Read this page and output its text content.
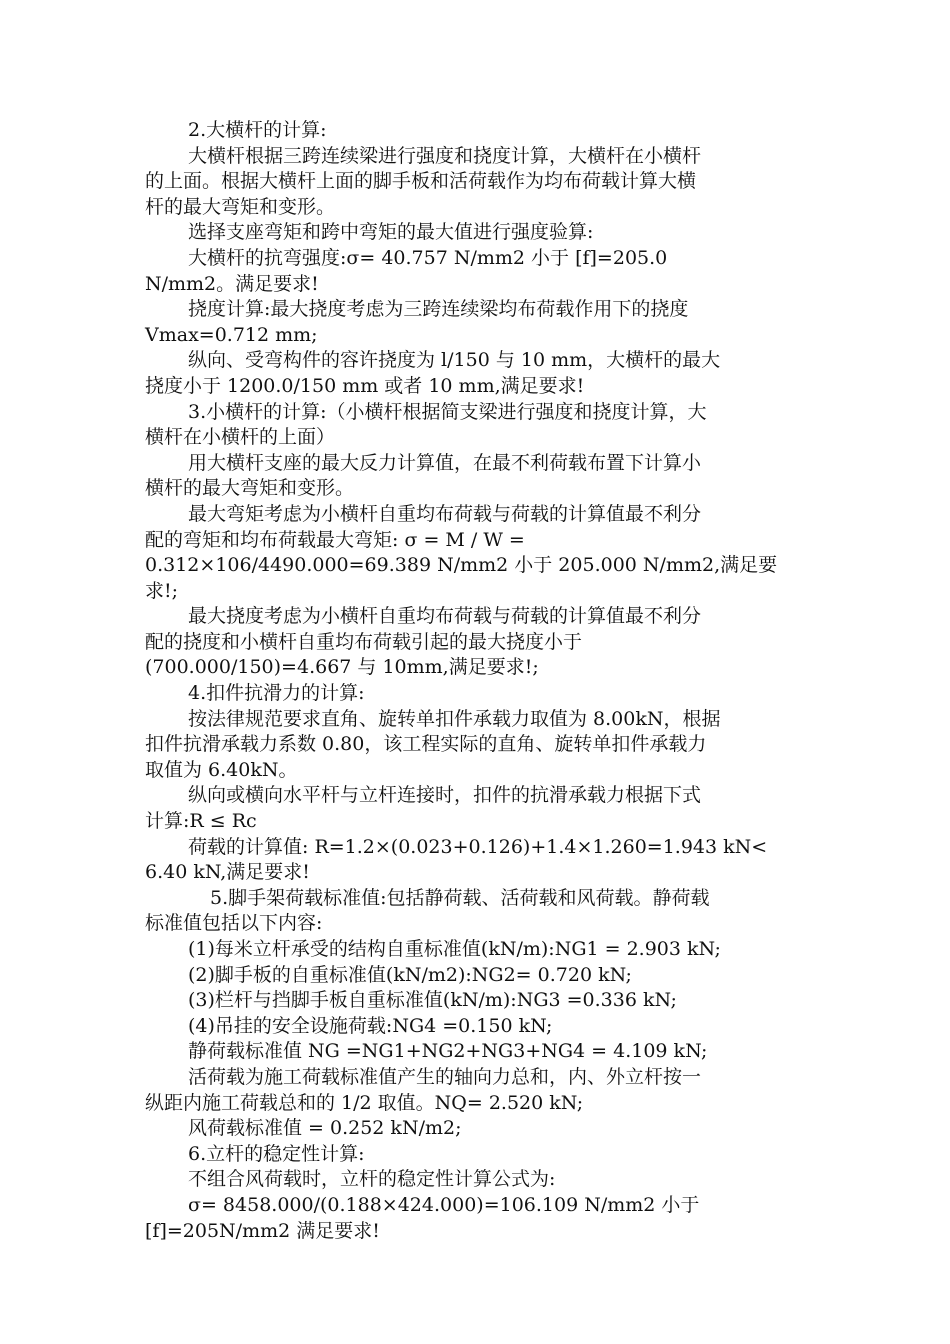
2.大横杆的计算:
大横杆根据三跨连续梁进行强度和挠度计算，大横杆在小横杆
的上面。根据大横杆上面的脚手板和活荷载作为均布荷载计算大横
杆的最大弯矩和变形。
选择支座弯矩和跨中弯矩的最大值进行强度验算:
大横杆的抗弯强度:σ= 40.757 N/mm2 小于 [f]=205.0
N/mm2。满足要求!
挠度计算:最大挠度考虑为三跨连续梁均布荷载作用下的挠度
Vmax=0.712 mm;
纵向、受弯构件的容许挠度为 l/150 与 10 mm，大横杆的最大
挠度小于 1200.0/150 mm 或者 10 mm,满足要求!
3.小横杆的计算:（小横杆根据简支梁进行强度和挠度计算，大
横杆在小横杆的上面）
用大横杆支座的最大反力计算值，在最不利荷载布置下计算小
横杆的最大弯矩和变形。
最大弯矩考虑为小横杆自重均布荷载与荷载的计算值最不利分
配的弯矩和均布荷载最大弯矩: σ = M / W =
0.312×106/4490.000=69.389 N/mm2 小于 205.000 N/mm2,满足要
求!;
最大挠度考虑为小横杆自重均布荷载与荷载的计算值最不利分
配的挠度和小横杆自重均布荷载引起的最大挠度小于
(700.000/150)=4.667 与 10mm,满足要求!;
4.扣件抗滑力的计算:
按法律规范要求直角、旋转单扣件承载力取值为 8.00kN，根据
扣件抗滑承载力系数 0.80，该工程实际的直角、旋转单扣件承载力
取值为 6.40kN。
纵向或横向水平杆与立杆连接时，扣件的抗滑承载力根据下式
计算:R ≤ Rc
荷载的计算值: R=1.2×(0.023+0.126)+1.4×1.260=1.943 kN<
6.40 kN,满足要求!
5.脚手架荷载标准值:包括静荷载、活荷载和风荷载。静荷载
标准值包括以下内容:
(1)每米立杆承受的结构自重标准值(kN/m):NG1 = 2.903 kN;
(2)脚手板的自重标准值(kN/m2):NG2= 0.720 kN;
(3)栏杆与挡脚手板自重标准值(kN/m):NG3 =0.336 kN;
(4)吊挂的安全设施荷载:NG4 =0.150 kN;
静荷载标准值 NG =NG1+NG2+NG3+NG4 = 4.109 kN;
活荷载为施工荷载标准值产生的轴向力总和，内、外立杆按一
纵距内施工荷载总和的 1/2 取值。NQ= 2.520 kN;
风荷载标准值 = 0.252 kN/m2;
6.立杆的稳定性计算:
不组合风荷载时，立杆的稳定性计算公式为:
σ= 8458.000/(0.188×424.000)=106.109 N/mm2 小于
[f]=205N/mm2 满足要求!
